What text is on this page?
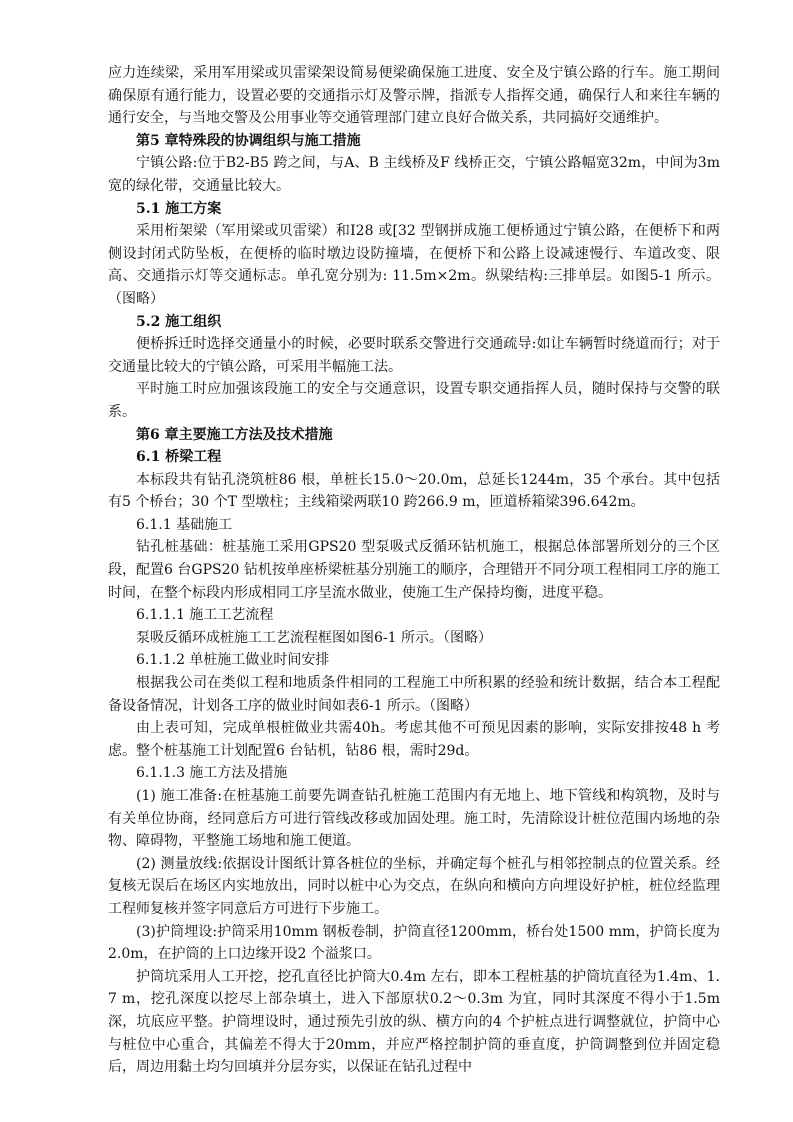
应力连续梁，采用军用梁或贝雷梁架设简易便梁确保施工进度、安全及宁镇公路的行车。施工期间确保原有通行能力，设置必要的交通指示灯及警示牌，指派专人指挥交通，确保行人和来往车辆的通行安全，与当地交警及公用事业等交通管理部门建立良好合做关系，共同搞好交通维护。

第5 章特殊段的协调组织与施工措施

宁镇公路:位于B2-B5 跨之间，与A、B 主线桥及F 线桥正交，宁镇公路幅宽32m，中间为3m 宽的绿化带，交通量比较大。

5.1 施工方案

采用桁架梁（军用梁或贝雷梁）和I28 或[32 型钢拼成施工便桥通过宁镇公路，在便桥下和两侧设封闭式防坠板，在便桥的临时墩边设防撞墙，在便桥下和公路上设减速慢行、车道改变、限高、交通指示灯等交通标志。单孔宽分别为: 11.5m×2m。纵梁结构:三排单层。如图5-1 所示。（图略）

5.2 施工组织

便桥拆迁时选择交通量小的时候，必要时联系交警进行交通疏导:如让车辆暂时绕道而行；对于交通量比较大的宁镇公路，可采用半幅施工法。

平时施工时应加强该段施工的安全与交通意识，设置专职交通指挥人员，随时保持与交警的联系。

第6 章主要施工方法及技术措施

6.1 桥梁工程

本标段共有钻孔浇筑桩86 根，单桩长15.0～20.0m，总延长1244m，35 个承台。其中包括有5 个桥台；30 个T 型墩柱；主线箱梁两联10 跨266.9 m，匝道桥箱梁396.642m。

6.1.1 基础施工

钻孔桩基础：桩基施工采用GPS20 型泵吸式反循环钻机施工，根据总体部署所划分的三个区段，配置6 台GPS20 钻机按单座桥梁桩基分别施工的顺序，合理错开不同分项工程相同工序的施工时间，在整个标段内形成相同工序呈流水做业，使施工生产保持均衡，进度平稳。

6.1.1.1 施工工艺流程

泵吸反循环成桩施工工艺流程框图如图6-1 所示。（图略）

6.1.1.2 单桩施工做业时间安排

根据我公司在类似工程和地质条件相同的工程施工中所积累的经验和统计数据，结合本工程配备设备情况，计划各工序的做业时间如表6-1 所示。（图略）

由上表可知，完成单根桩做业共需40h。考虑其他不可预见因素的影响，实际安排按48 h 考虑。整个桩基施工计划配置6 台钻机，钻86 根，需时29d。

6.1.1.3 施工方法及措施

(1) 施工准备:在桩基施工前要先调查钻孔桩施工范围内有无地上、地下管线和构筑物，及时与有关单位协商，经同意后方可进行管线改移或加固处理。施工时，先清除设计桩位范围内场地的杂物、障碍物，平整施工场地和施工便道。

(2) 测量放线:依据设计图纸计算各桩位的坐标，并确定每个桩孔与相邻控制点的位置关系。经复核无误后在场区内实地放出，同时以桩中心为交点，在纵向和横向方向埋设好护桩，桩位经监理工程师复核并签字同意后方可进行下步施工。

(3)护筒埋设:护筒采用10mm 钢板卷制，护筒直径1200mm，桥台处1500 mm，护筒长度为2.0m，在护筒的上口边缘开设2 个溢浆口。

护筒坑采用人工开挖，挖孔直径比护筒大0.4m 左右，即本工程桩基的护筒坑直径为1.4m、1.7 m，挖孔深度以挖尽上部杂填土，进入下部原状0.2～0.3m 为宜，同时其深度不得小于1.5m 深，坑底应平整。护筒埋设时，通过预先引放的纵、横方向的4 个护桩点进行调整就位，护筒中心与桩位中心重合，其偏差不得大于20mm，并应严格控制护筒的垂直度，护筒调整到位并固定稳后，周边用黏土均匀回填并分层夯实，以保证在钻孔过程中
